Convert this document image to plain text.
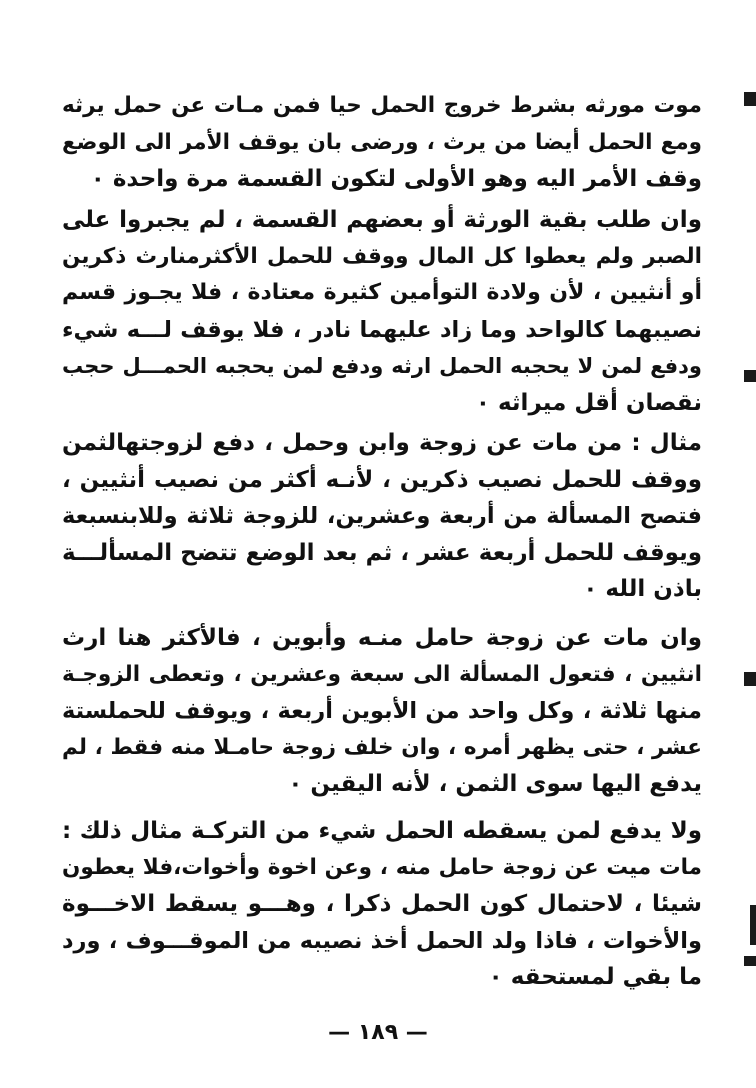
موت مورثه بشرط خروج الحمل حيا فمن مـات عن حمل يرثه
ومع الحمل أيضا من يرث ، ورضى بان يوقف الأمر الى الوضع
وقف الأمر اليه وهو الأولى لتكون القسمة مرة واحدة ٠
وان طلب بقية الورثة أو بعضهم القسمة ، لم يجبروا على
الصبر ولم يعطوا كل المال ووقف للحمل الأكثرمنارث ذكرين
أو أنثيين ، لأن ولادة التوأمين كثيرة معتادة ، فلا يجـوز قسم
نصيبهما كالواحد وما زاد عليهما نادر ، فلا يوقف لـــه شيء
ودفع لمن لا يحجبه الحمل ارثه ودفع لمن يحجبه الحمـــل حجب
نقصان أقل ميراثه ٠
مثال : من مات عن زوجة وابن وحمل ، دفع لزوجتهالثمن
ووقف للحمل نصيب ذكرين ، لأنـه أكثر من نصيب أنثيين ،
فتصح المسألة من أربعة وعشرين، للزوجة ثلاثة وللابنسبعة
ويوقف للحمل أربعة عشر ، ثم بعد الوضع تتضح المسألـــة
باذن الله ٠
وان مات عن زوجة حامل منـه وأبوين ، فالأكثر هنا ارث
انثيين ، فتعول المسألة الى سبعة وعشرين ، وتعطى الزوجـة
منها ثلاثة ، وكل واحد من الأبوين أربعة ، ويوقف للحملستة
عشر ، حتى يظهر أمره ، وان خلف زوجة حامـلا منه فقط ، لم
يدفع اليها سوى الثمن ، لأنه اليقين ٠
ولا يدفع لمن يسقطه الحمل شيء من التركـة مثال ذلك :
مات ميت عن زوجة حامل منه ، وعن اخوة وأخوات،فلا يعطون
شيئا ، لاحتمال كون الحمل ذكرا ، وهـــو يسقط الاخـــوة
والأخوات ، فاذا ولد الحمل أخذ نصيبه من الموقـــوف ، ورد
ما بقي لمستحقه ٠
— ١٨٩ —
